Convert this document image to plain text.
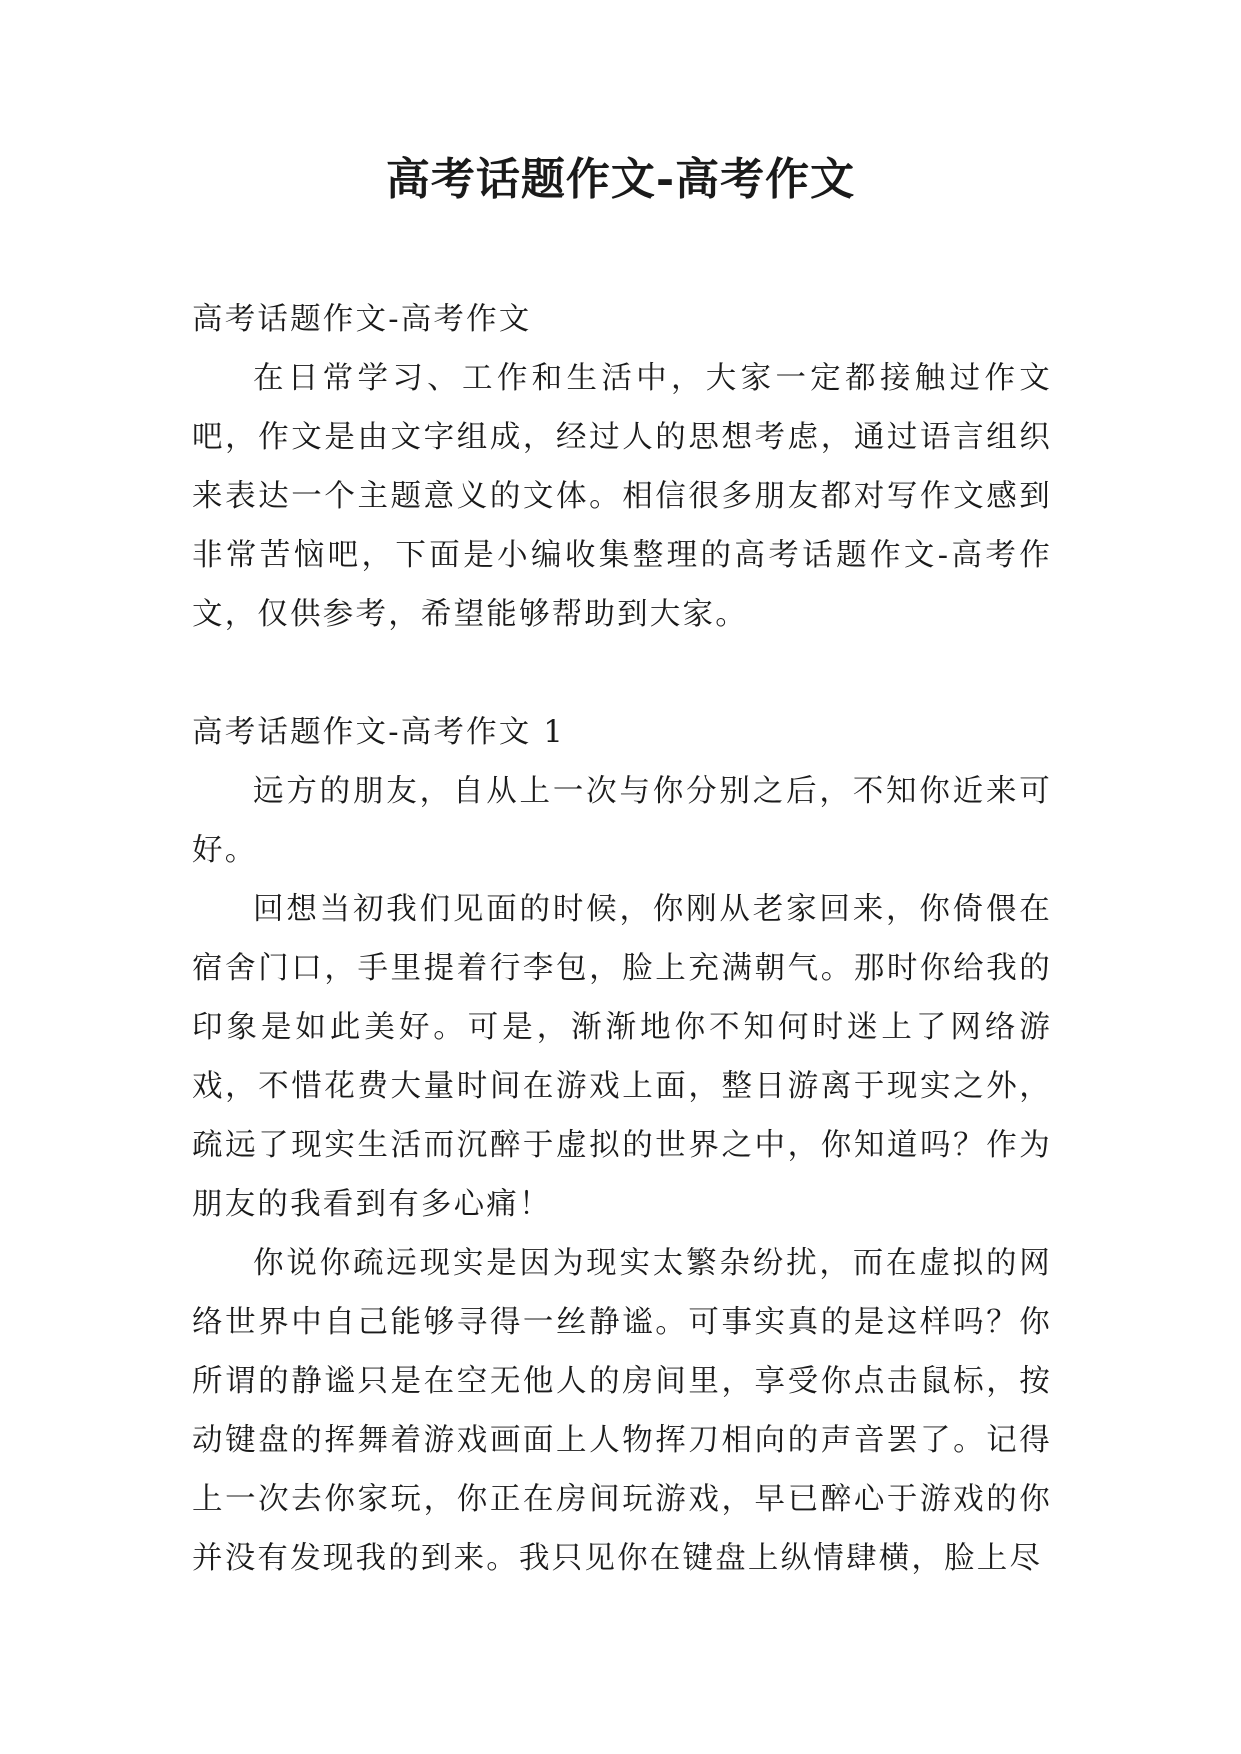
高考话题作文-高考作文

高考话题作文-高考作文

在日常学习、工作和生活中，大家一定都接触过作文吧，作文是由文字组成，经过人的思想考虑，通过语言组织来表达一个主题意义的文体。相信很多朋友都对写作文感到非常苦恼吧，下面是小编收集整理的高考话题作文-高考作文，仅供参考，希望能够帮助到大家。

高考话题作文-高考作文 1

远方的朋友，自从上一次与你分别之后，不知你近来可好。

回想当初我们见面的时候，你刚从老家回来，你倚偎在宿舍门口，手里提着行李包，脸上充满朝气。那时你给我的印象是如此美好。可是，渐渐地你不知何时迷上了网络游戏，不惜花费大量时间在游戏上面，整日游离于现实之外，疏远了现实生活而沉醉于虚拟的世界之中，你知道吗？作为朋友的我看到有多心痛！

你说你疏远现实是因为现实太繁杂纷扰，而在虚拟的网络世界中自己能够寻得一丝静谧。可事实真的是这样吗？你所谓的静谧只是在空无他人的房间里，享受你点击鼠标，按动键盘的挥舞着游戏画面上人物挥刀相向的声音罢了。记得上一次去你家玩，你正在房间玩游戏，早已醉心于游戏的你并没有发现我的到来。我只见你在键盘上纵情肆横，脸上尽
